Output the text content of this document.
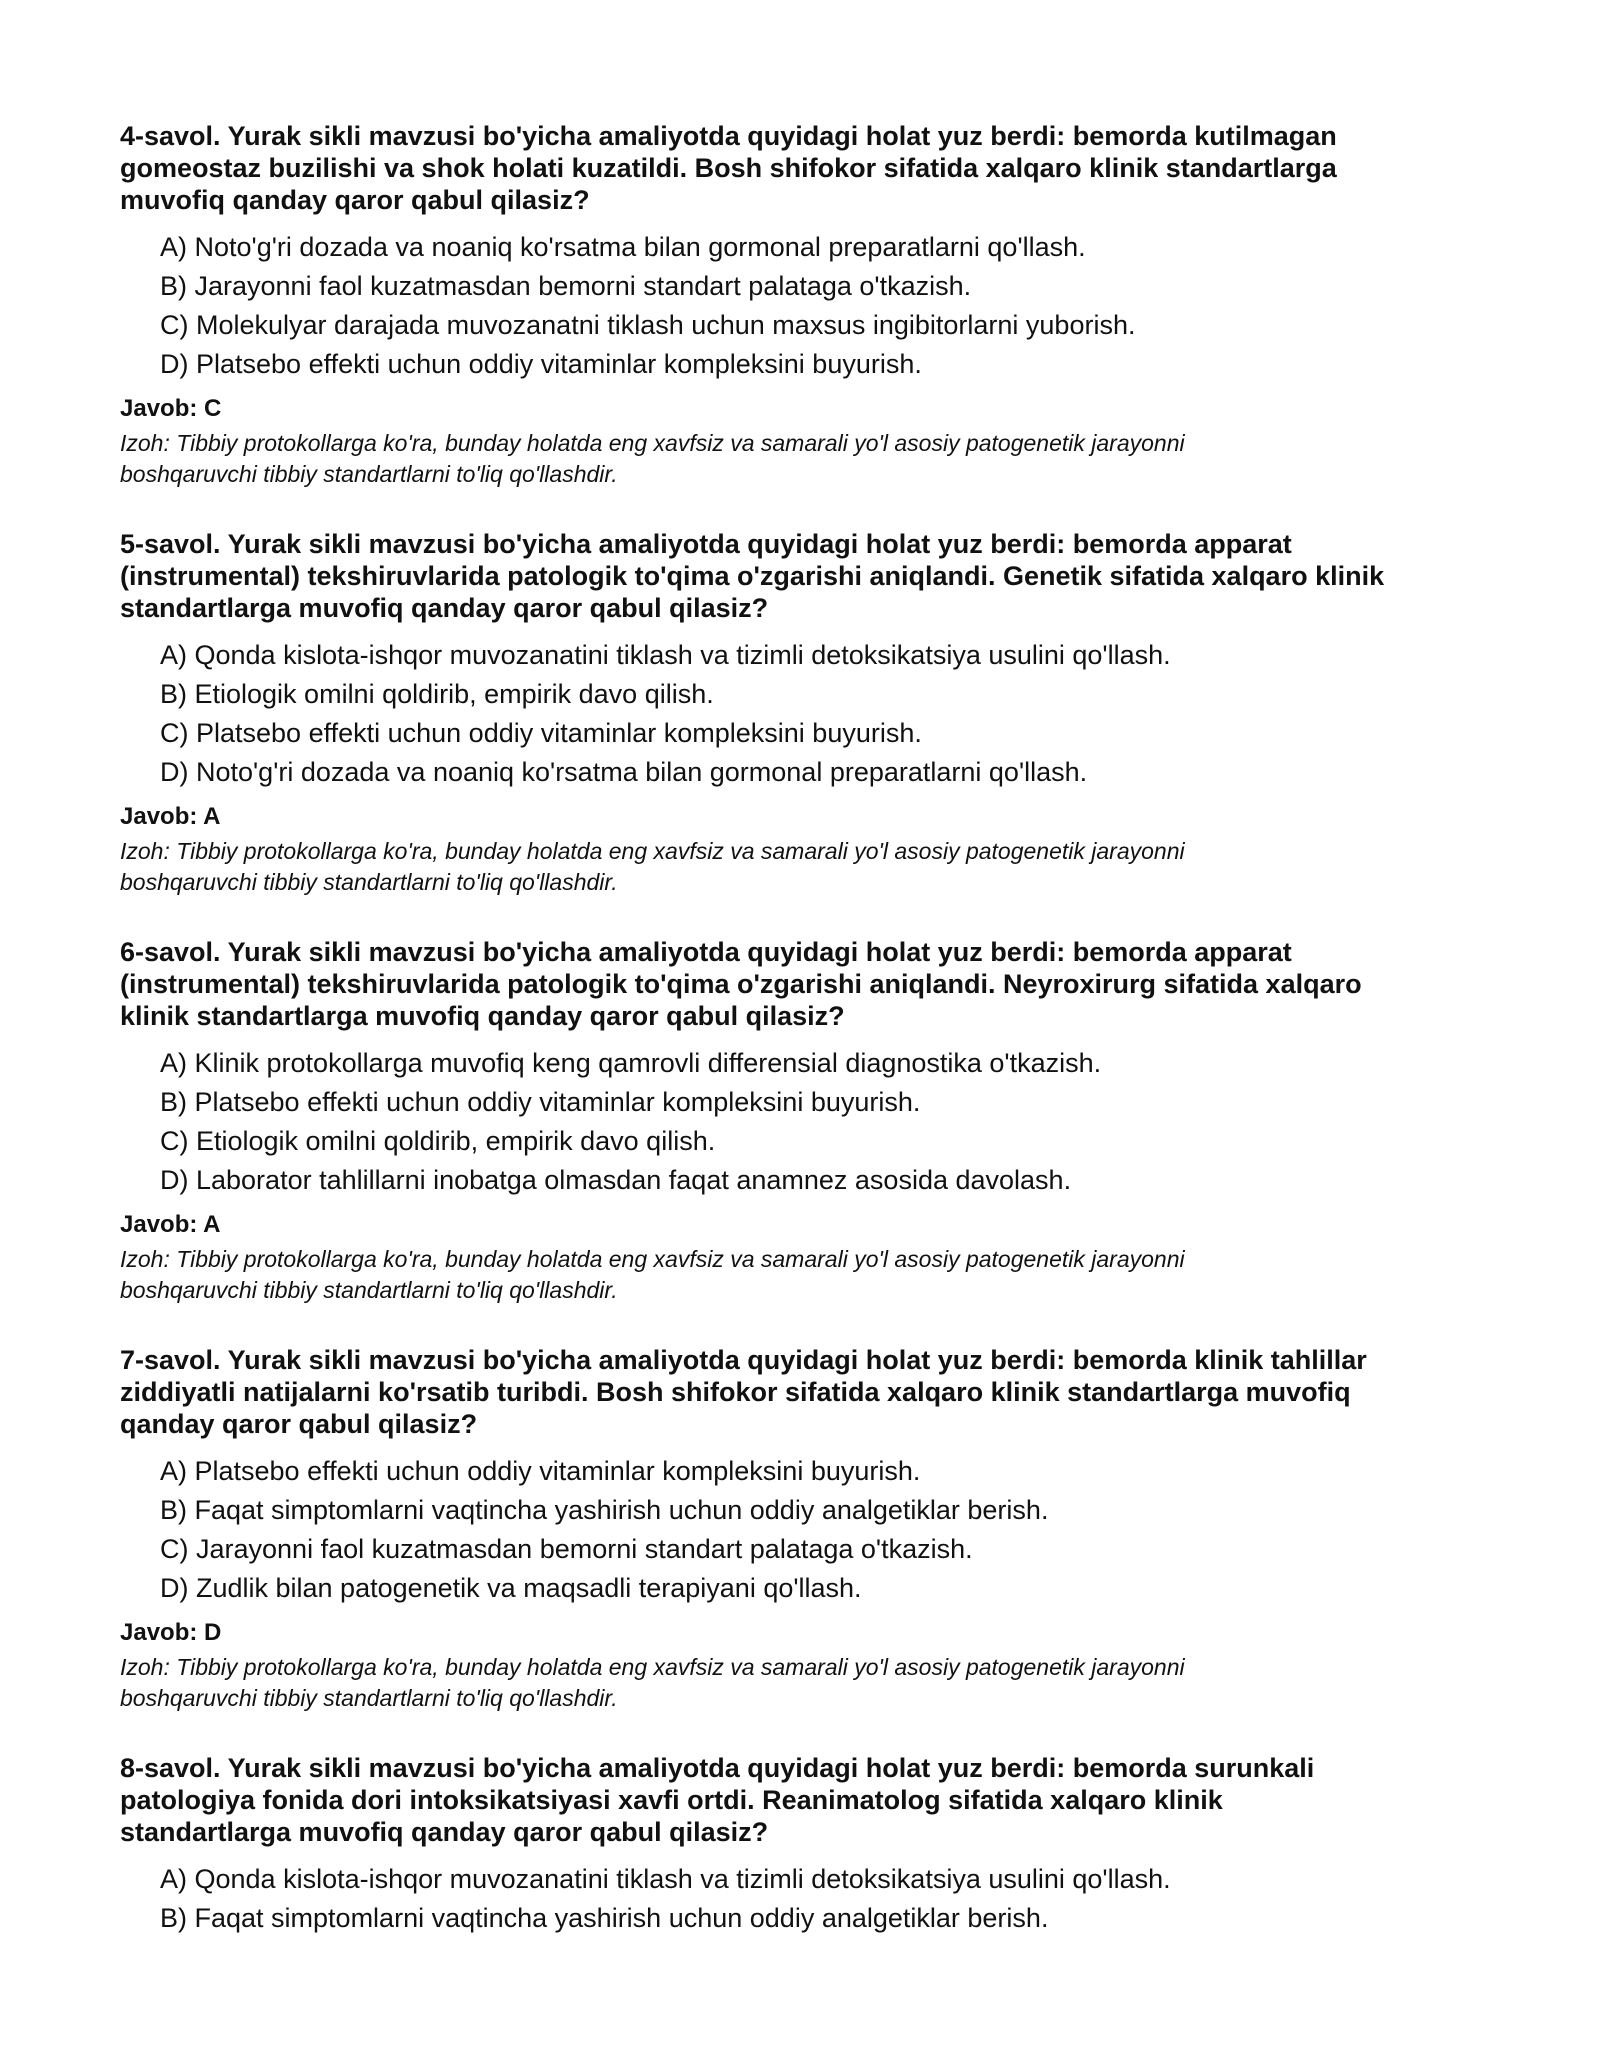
4-savol. Yurak sikli mavzusi bo'yicha amaliyotda quyidagi holat yuz berdi: bemorda kutilmagan
gomeostaz buzilishi va shok holati kuzatildi. Bosh shifokor sifatida xalqaro klinik standartlarga
muvofiq qanday qaror qabul qilasiz?
A) Noto'g'ri dozada va noaniq ko'rsatma bilan gormonal preparatlarni qo'llash.
B) Jarayonni faol kuzatmasdan bemorni standart palataga o'tkazish.
C) Molekulyar darajada muvozanatni tiklash uchun maxsus ingibitorlarni yuborish.
D) Platsebo effekti uchun oddiy vitaminlar kompleksini buyurish.
Javob: C
Izoh: Tibbiy protokollarga ko'ra, bunday holatda eng xavfsiz va samarali yo'l asosiy patogenetik jarayonni
boshqaruvchi tibbiy standartlarni to'liq qo'llashdir.
5-savol. Yurak sikli mavzusi bo'yicha amaliyotda quyidagi holat yuz berdi: bemorda apparat
(instrumental) tekshiruvlarida patologik to'qima o'zgarishi aniqlandi. Genetik sifatida xalqaro klinik
standartlarga muvofiq qanday qaror qabul qilasiz?
A) Qonda kislota-ishqor muvozanatini tiklash va tizimli detoksikatsiya usulini qo'llash.
B) Etiologik omilni qoldirib, empirik davo qilish.
C) Platsebo effekti uchun oddiy vitaminlar kompleksini buyurish.
D) Noto'g'ri dozada va noaniq ko'rsatma bilan gormonal preparatlarni qo'llash.
Javob: A
Izoh: Tibbiy protokollarga ko'ra, bunday holatda eng xavfsiz va samarali yo'l asosiy patogenetik jarayonni
boshqaruvchi tibbiy standartlarni to'liq qo'llashdir.
6-savol. Yurak sikli mavzusi bo'yicha amaliyotda quyidagi holat yuz berdi: bemorda apparat
(instrumental) tekshiruvlarida patologik to'qima o'zgarishi aniqlandi. Neyroxirurg sifatida xalqaro
klinik standartlarga muvofiq qanday qaror qabul qilasiz?
A) Klinik protokollarga muvofiq keng qamrovli differensial diagnostika o'tkazish.
B) Platsebo effekti uchun oddiy vitaminlar kompleksini buyurish.
C) Etiologik omilni qoldirib, empirik davo qilish.
D) Laborator tahlillarni inobatga olmasdan faqat anamnez asosida davolash.
Javob: A
Izoh: Tibbiy protokollarga ko'ra, bunday holatda eng xavfsiz va samarali yo'l asosiy patogenetik jarayonni
boshqaruvchi tibbiy standartlarni to'liq qo'llashdir.
7-savol. Yurak sikli mavzusi bo'yicha amaliyotda quyidagi holat yuz berdi: bemorda klinik tahlillar
ziddiyatli natijalarni ko'rsatib turibdi. Bosh shifokor sifatida xalqaro klinik standartlarga muvofiq
qanday qaror qabul qilasiz?
A) Platsebo effekti uchun oddiy vitaminlar kompleksini buyurish.
B) Faqat simptomlarni vaqtincha yashirish uchun oddiy analgetiklar berish.
C) Jarayonni faol kuzatmasdan bemorni standart palataga o'tkazish.
D) Zudlik bilan patogenetik va maqsadli terapiyani qo'llash.
Javob: D
Izoh: Tibbiy protokollarga ko'ra, bunday holatda eng xavfsiz va samarali yo'l asosiy patogenetik jarayonni
boshqaruvchi tibbiy standartlarni to'liq qo'llashdir.
8-savol. Yurak sikli mavzusi bo'yicha amaliyotda quyidagi holat yuz berdi: bemorda surunkali
patologiya fonida dori intoksikatsiyasi xavfi ortdi. Reanimatolog sifatida xalqaro klinik
standartlarga muvofiq qanday qaror qabul qilasiz?
A) Qonda kislota-ishqor muvozanatini tiklash va tizimli detoksikatsiya usulini qo'llash.
B) Faqat simptomlarni vaqtincha yashirish uchun oddiy analgetiklar berish.
